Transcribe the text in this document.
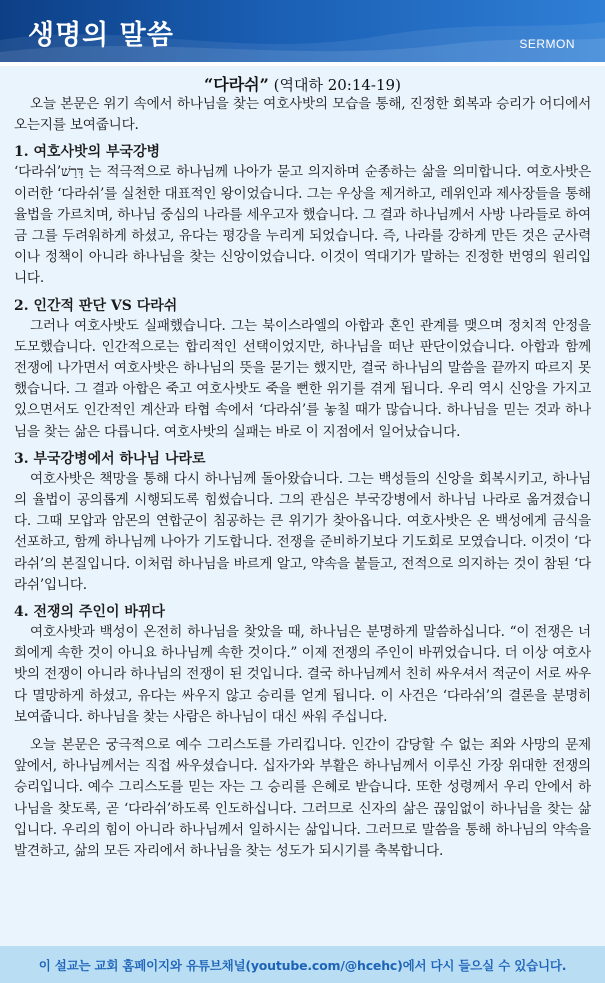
생명의 말씀	SERMON
“다라쉬” (역대하 20:14-19)

오늘 본문은 위기 속에서 하나님을 찾는 여호사밧의 모습을 통해, 진정한 회복과 승리가 어디에서 오는지를 보여줍니다.

1. 여호사밧의 부국강병

‘다라쉬’דָּרַשׁ 는 적극적으로 하나님께 나아가 묻고 의지하며 순종하는 삶을 의미합니다. 여호사밧은 이러한 ‘다라쉬’를 실천한 대표적인 왕이었습니다. 그는 우상을 제거하고, 레위인과 제사장들을 통해 율법을 가르치며, 하나님 중심의 나라를 세우고자 했습니다. 그 결과 하나님께서 사방 나라들로 하여금 그를 두려워하게 하셨고, 유다는 평강을 누리게 되었습니다. 즉, 나라를 강하게 만든 것은 군사력이나 정책이 아니라 하나님을 찾는 신앙이었습니다. 이것이 역대기가 말하는 진정한 번영의 원리입니다.

2. 인간적 판단 VS 다라쉬

그러나 여호사밧도 실패했습니다. 그는 북이스라엘의 아합과 혼인 관계를 맺으며 정치적 안정을 도모했습니다. 인간적으로는 합리적인 선택이었지만, 하나님을 떠난 판단이었습니다. 아합과 함께 전쟁에 나가면서 여호사밧은 하나님의 뜻을 묻기는 했지만, 결국 하나님의 말씀을 끝까지 따르지 못했습니다. 그 결과 아합은 죽고 여호사밧도 죽을 뻔한 위기를 겪게 됩니다. 우리 역시 신앙을 가지고 있으면서도 인간적인 계산과 타협 속에서 ‘다라쉬’를 놓칠 때가 많습니다. 하나님을 믿는 것과 하나님을 찾는 삶은 다릅니다. 여호사밧의 실패는 바로 이 지점에서 일어났습니다.

3. 부국강병에서 하나님 나라로

여호사밧은 책망을 통해 다시 하나님께 돌아왔습니다. 그는 백성들의 신앙을 회복시키고, 하나님의 율법이 공의롭게 시행되도록 힘썼습니다. 그의 관심은 부국강병에서 하나님 나라로 옮겨졌습니다. 그때 모압과 암몬의 연합군이 침공하는 큰 위기가 찾아옵니다. 여호사밧은 온 백성에게 금식을 선포하고, 함께 하나님께 나아가 기도합니다. 전쟁을 준비하기보다 기도회로 모였습니다. 이것이 ‘다라쉬’의 본질입니다. 이처럼 하나님을 바르게 알고, 약속을 붙들고, 전적으로 의지하는 것이 참된 ‘다라쉬’입니다.

4. 전쟁의 주인이 바뀌다

여호사밧과 백성이 온전히 하나님을 찾았을 때, 하나님은 분명하게 말씀하십니다. “이 전쟁은 너희에게 속한 것이 아니요 하나님께 속한 것이다.” 이제 전쟁의 주인이 바뀌었습니다. 더 이상 여호사밧의 전쟁이 아니라 하나님의 전쟁이 된 것입니다. 결국 하나님께서 친히 싸우셔서 적군이 서로 싸우다 멸망하게 하셨고, 유다는 싸우지 않고 승리를 얻게 됩니다. 이 사건은 ‘다라쉬’의 결론을 분명히 보여줍니다. 하나님을 찾는 사람은 하나님이 대신 싸워 주십니다.

오늘 본문은 궁극적으로 예수 그리스도를 가리킵니다. 인간이 감당할 수 없는 죄와 사망의 문제 앞에서, 하나님께서는 직접 싸우셨습니다. 십자가와 부활은 하나님께서 이루신 가장 위대한 전쟁의 승리입니다. 예수 그리스도를 믿는 자는 그 승리를 은혜로 받습니다. 또한 성령께서 우리 안에서 하나님을 찾도록, 곧 ‘다라쉬’하도록 인도하십니다. 그러므로 신자의 삶은 끊임없이 하나님을 찾는 삶입니다. 우리의 힘이 아니라 하나님께서 일하시는 삶입니다. 그러므로 말씀을 통해 하나님의 약속을 발견하고, 삶의 모든 자리에서 하나님을 찾는 성도가 되시기를 축복합니다.

이 설교는 교회 홈페이지와 유튜브채널(youtube.com/@hcehc)에서 다시 들으실 수 있습니다.
